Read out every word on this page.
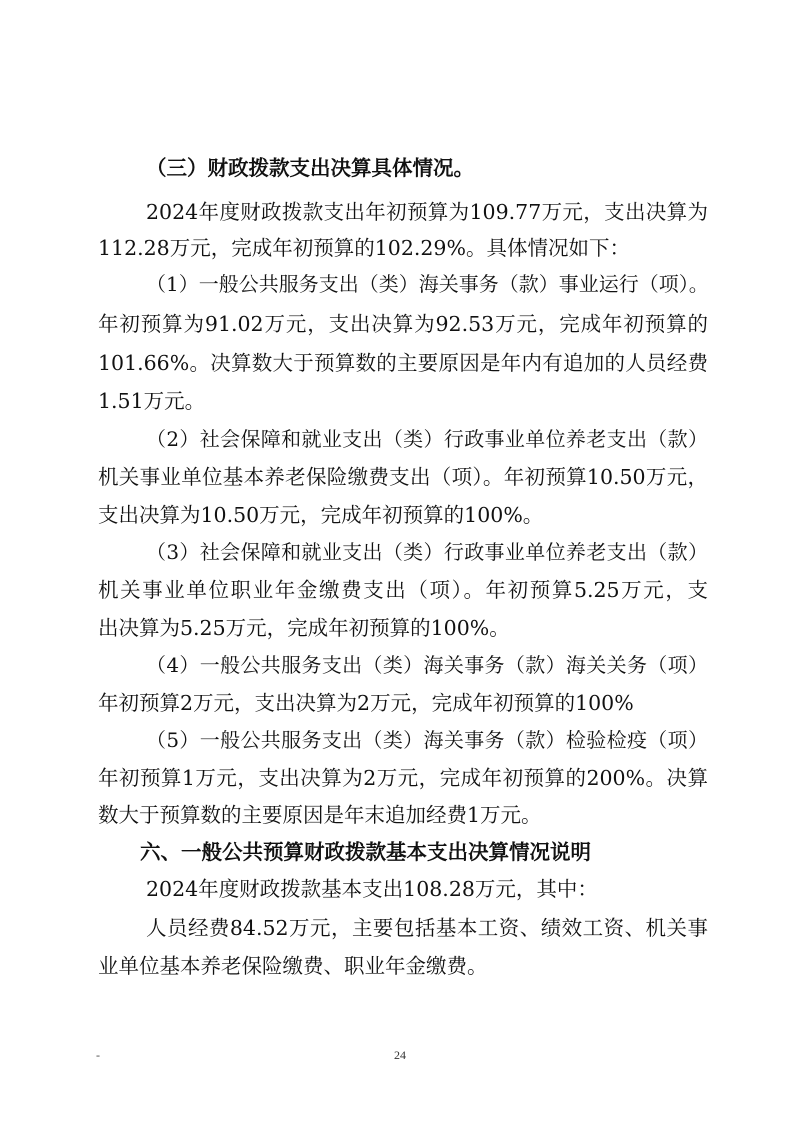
（三）财政拨款支出决算具体情况。
2024年度财政拨款支出年初预算为109.77万元，支出决算为
112.28万元，完成年初预算的102.29%。具体情况如下：
（1）一般公共服务支出（类）海关事务（款）事业运行（项）。
年初预算为91.02万元，支出决算为92.53万元，完成年初预算的
101.66%。决算数大于预算数的主要原因是年内有追加的人员经费
1.51万元。
（2）社会保障和就业支出（类）行政事业单位养老支出（款）
机关事业单位基本养老保险缴费支出（项）。年初预算10.50万元，
支出决算为10.50万元，完成年初预算的100%。
（3）社会保障和就业支出（类）行政事业单位养老支出（款）
机关事业单位职业年金缴费支出（项）。年初预算5.25万元，支
出决算为5.25万元，完成年初预算的100%。
（4）一般公共服务支出（类）海关事务（款）海关关务（项）
年初预算2万元，支出决算为2万元，完成年初预算的100%
（5）一般公共服务支出（类）海关事务（款）检验检疫（项）
年初预算1万元，支出决算为2万元，完成年初预算的200%。决算
数大于预算数的主要原因是年末追加经费1万元。
六、一般公共预算财政拨款基本支出决算情况说明
2024年度财政拨款基本支出108.28万元，其中：
人员经费84.52万元，主要包括基本工资、绩效工资、机关事
业单位基本养老保险缴费、职业年金缴费。
-	24
